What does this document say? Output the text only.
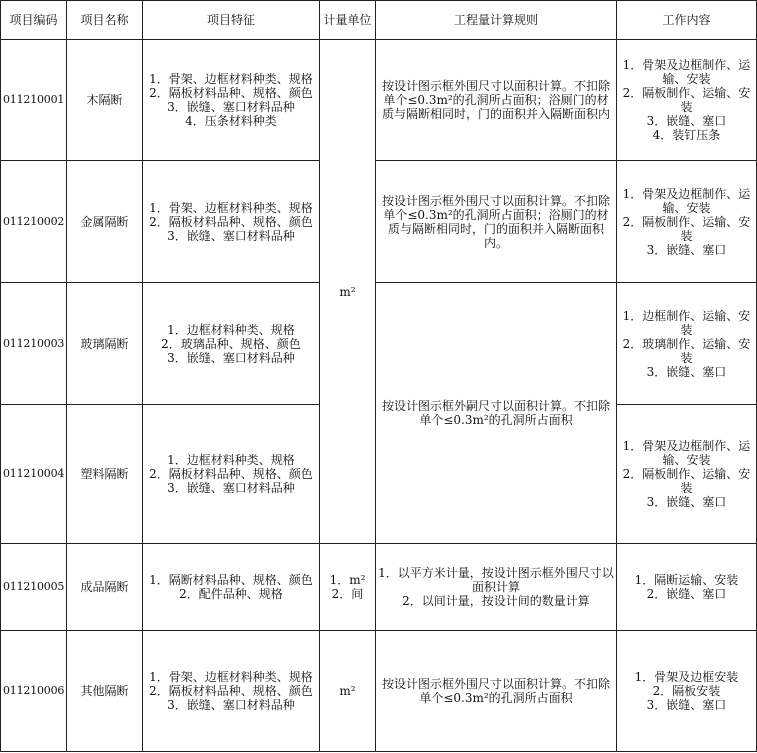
项目编码	项目名称	项目特征	计量单位	工程量计算规则	工作内容
011210001	木隔断	1．骨架、边框材料种类、规格
2．隔板材料品种、规格、颜色
3．嵌缝、塞口材料品种
4．压条材料种类	m²	按设计图示框外围尺寸以面积计算。不扣除单个≤0.3m²的孔洞所占面积；浴厕门的材质与隔断相同时，门的面积并入隔断面积内	1．骨架及边框制作、运输、安装
2．隔板制作、运输、安装
3．嵌缝、塞口
4．装钉压条

011210002	金属隔断	1．骨架、边框材料种类、规格
2．隔板材料品种、规格、颜色
3．嵌缝、塞口材料品种		按设计图示框外围尺寸以面积计算。不扣除单个≤0.3m²的孔洞所占面积；浴厕门的材质与隔断相同时，门的面积并入隔断面积内。	1．骨架及边框制作、运输、安装
2．隔板制作、运输、安装
3．嵌缝、塞口

011210003	玻璃隔断	1．边框材料种类、规格
2．玻璃品种、规格、颜色
3．嵌缝、塞口材料品种		按设计图示框外嗣尺寸以面积计算。不扣除单个≤0.3m²的孔洞所占面积	1．边框制作、运输、安装
2．玻璃制作、运输、安装
3．嵌缝、塞口

011210004	塑料隔断	1．边框材料种类、规格
2．隔板材料品种、规格、颜色
3．嵌缝、塞口材料品种			1．骨架及边框制作、运输、安装
2．隔板制作、运输、安装
3．嵌缝、塞口

011210005	成品隔断	1．隔断材料品种、规格、颜色
2．配件品种、规格	1．m²
2．间	1．以平方米计量，按设计图示框外围尺寸以面积计算
2．以间计量，按设计间的数量计算	1．隔断运输、安装
2．嵌缝、塞口

011210006	其他隔断	1．骨架、边框材料种类、规格
2．隔板材料品种、规格、颜色
3．嵌缝、塞口材料品种	m²	按设计图示框外围尺寸以面积计算。不扣除单个≤0.3m²的孔洞所占面积	1．骨架及边框安装
2．隔板安装
3．嵌缝、塞口
